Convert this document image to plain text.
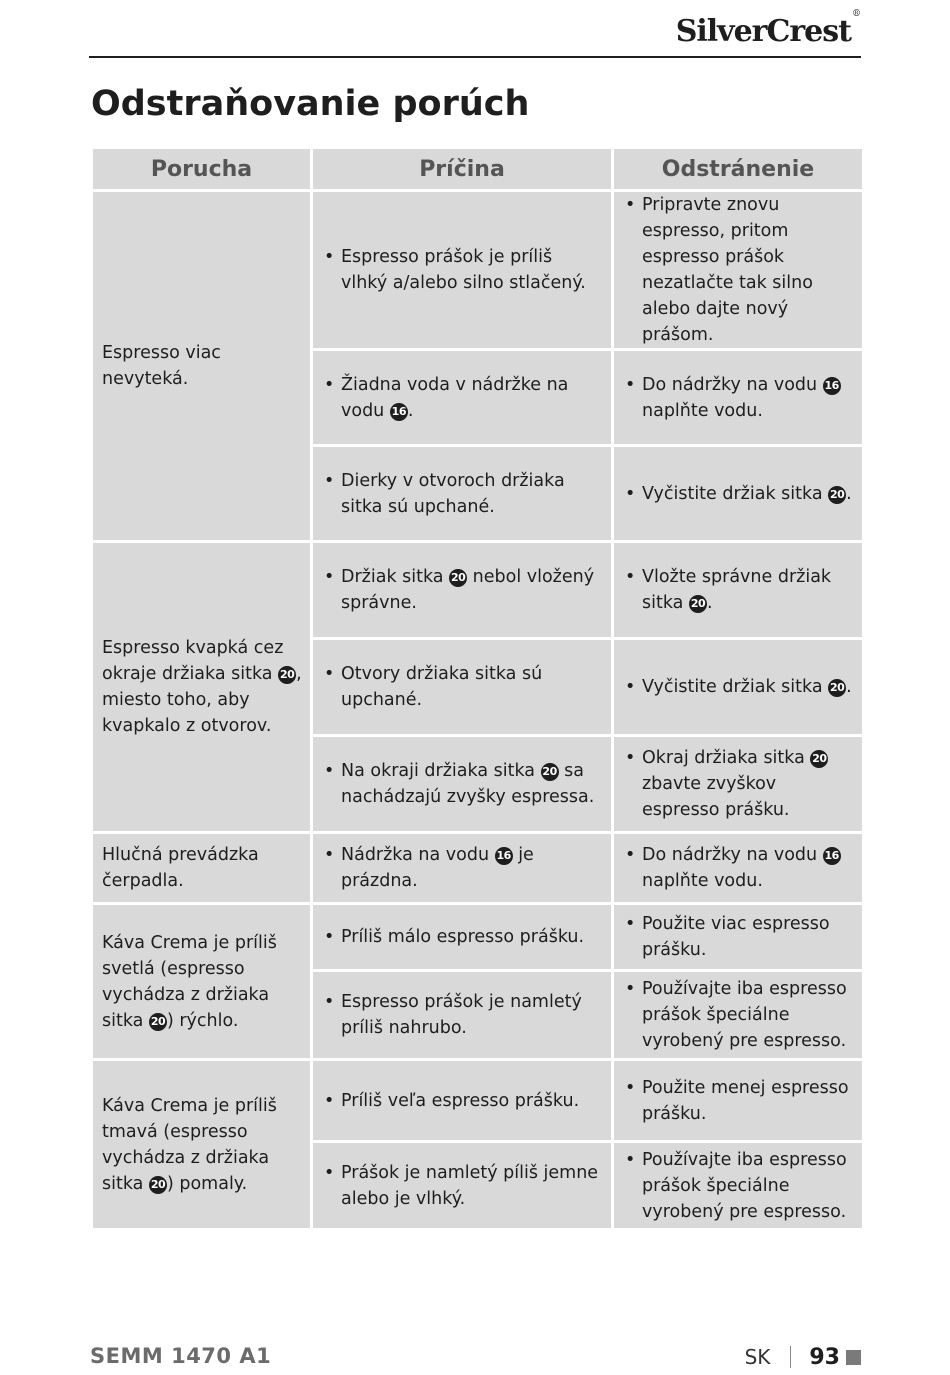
SilverCrest®
Odstraňovanie porúch
Porucha	Príčina	Odstránenie
Espresso viac nevyteká.	• Espresso prášok je príliš vlhký a/alebo silno stlačený.	• Pripravte znovu espresso, pritom espresso prášok nezatlačte tak silno alebo dajte nový prášom.

	• Žiadna voda v nádržke na vodu 16 .	• Do nádržky na vodu 16 naplňte vodu.

	• Dierky v otvoroch držiaka sitka sú upchané.	• Vyčistite držiak sitka 20 .

Espresso kvapká cez okraje držiaka sitka 20 , miesto toho, aby kvapkalo z otvorov.	• Držiak sitka 20 nebol vložený správne.	• Vložte správne držiak sitka 20 .

	• Otvory držiaka sitka sú upchané.	• Vyčistite držiak sitka 20 .

	• Na okraji držiaka sitka 20 sa nachádzajú zvyšky espressa.	• Okraj držiaka sitka 20 zbavte zvyškov espresso prášku.

Hlučná prevádzka čerpadla.	• Nádržka na vodu 16 je prázdna.	• Do nádržky na vodu 16 naplňte vodu.

Káva Crema je príliš svetlá (espresso vychádza z držiaka sitka 20 ) rýchlo.	• Príliš málo espresso prášku.	• Použite viac espresso prášku.

	• Espresso prášok je namletý príliš nahrubo.	• Používajte iba espresso prášok špeciálne vyrobený pre espresso.

Káva Crema je príliš tmavá (espresso vychádza z držiaka sitka 20 ) pomaly.	• Príliš veľa espresso prášku.	• Použite menej espresso prášku.

	• Prášok je namletý píliš jemne alebo je vlhký.	• Používajte iba espresso prášok špeciálne vyrobený pre espresso.
SEMM 1470 A1	SK 93
